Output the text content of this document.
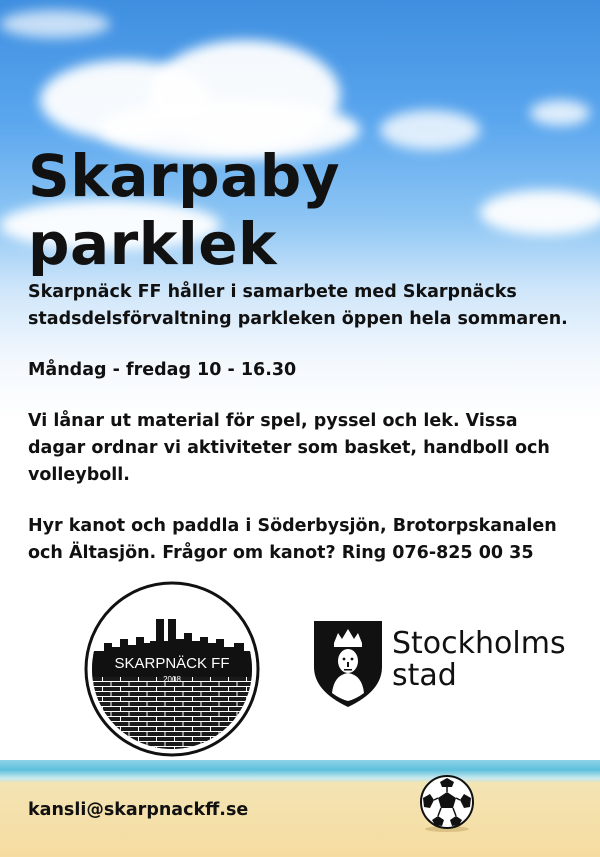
Skarpaby parklek

Skarpnäck FF håller i samarbete med Skarpnäcks stadsdelsförvaltning parkleken öppen hela sommaren.

Måndag - fredag 10 - 16.30

Vi lånar ut material för spel, pyssel och lek. Vissa dagar ordnar vi aktiviteter som basket, handboll och volleyboll.

Hyr kanot och paddla i Söderbysjön, Brotorpskanalen och Ältasjön. Frågor om kanot? Ring 076-825 00 35

SKARPNÄCK FF
2008

Stockholms
stad

kansli@skarpnackff.se
